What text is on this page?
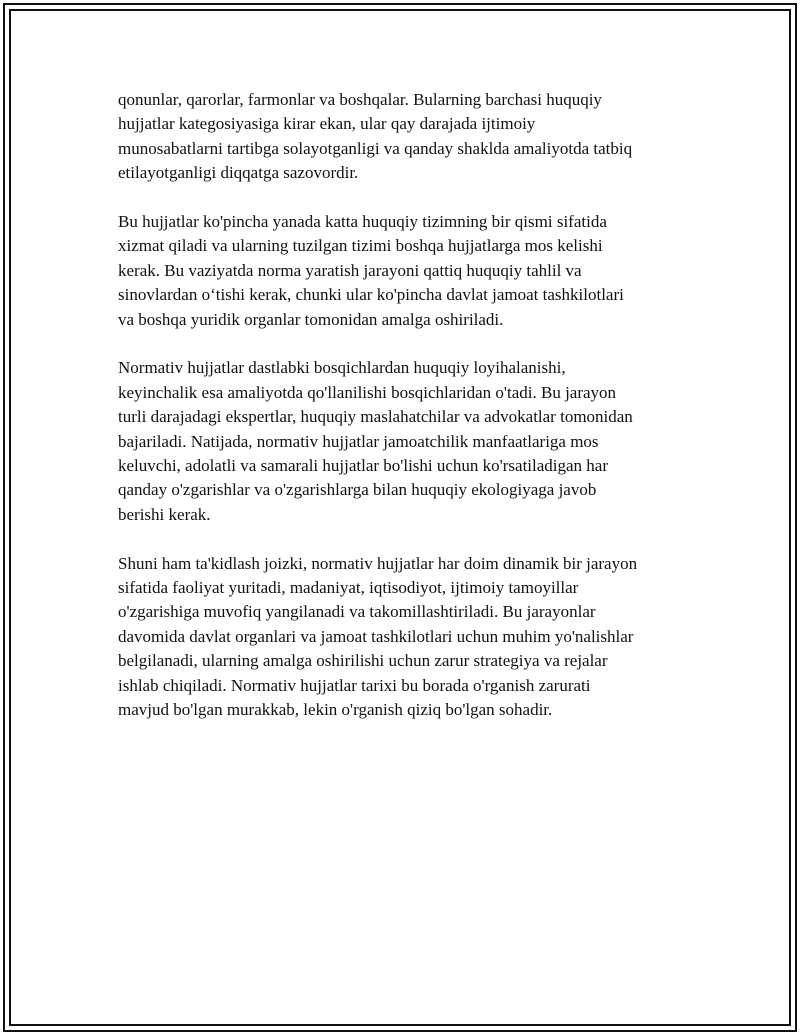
qonunlar, qarorlar, farmonlar va boshqalar. Bularning barchasi huquqiy
hujjatlar kategosiyasiga kirar ekan, ular qay darajada ijtimoiy
munosabatlarni tartibga solayotganligi va qanday shaklda amaliyotda tatbiq
etilayotganligi diqqatga sazovordir.

Bu hujjatlar ko'pincha yanada katta huquqiy tizimning bir qismi sifatida
xizmat qiladi va ularning tuzilgan tizimi boshqa hujjatlarga mos kelishi
kerak. Bu vaziyatda norma yaratish jarayoni qattiq huquqiy tahlil va
sinovlardan o‘tishi kerak, chunki ular ko'pincha davlat jamoat tashkilotlari
va boshqa yuridik organlar tomonidan amalga oshiriladi.

Normativ hujjatlar dastlabki bosqichlardan huquqiy loyihalanishi,
keyinchalik esa amaliyotda qo'llanilishi bosqichlaridan o'tadi. Bu jarayon
turli darajadagi ekspertlar, huquqiy maslahatchilar va advokatlar tomonidan
bajariladi. Natijada, normativ hujjatlar jamoatchilik manfaatlariga mos
keluvchi, adolatli va samarali hujjatlar bo'lishi uchun ko'rsatiladigan har
qanday o'zgarishlar va o'zgarishlarga bilan huquqiy ekologiyaga javob
berishi kerak.

Shuni ham ta'kidlash joizki, normativ hujjatlar har doim dinamik bir jarayon
sifatida faoliyat yuritadi, madaniyat, iqtisodiyot, ijtimoiy tamoyillar
o'zgarishiga muvofiq yangilanadi va takomillashtiriladi. Bu jarayonlar
davomida davlat organlari va jamoat tashkilotlari uchun muhim yo'nalishlar
belgilanadi, ularning amalga oshirilishi uchun zarur strategiya va rejalar
ishlab chiqiladi. Normativ hujjatlar tarixi bu borada o'rganish zarurati
mavjud bo'lgan murakkab, lekin o'rganish qiziq bo'lgan sohadir.
